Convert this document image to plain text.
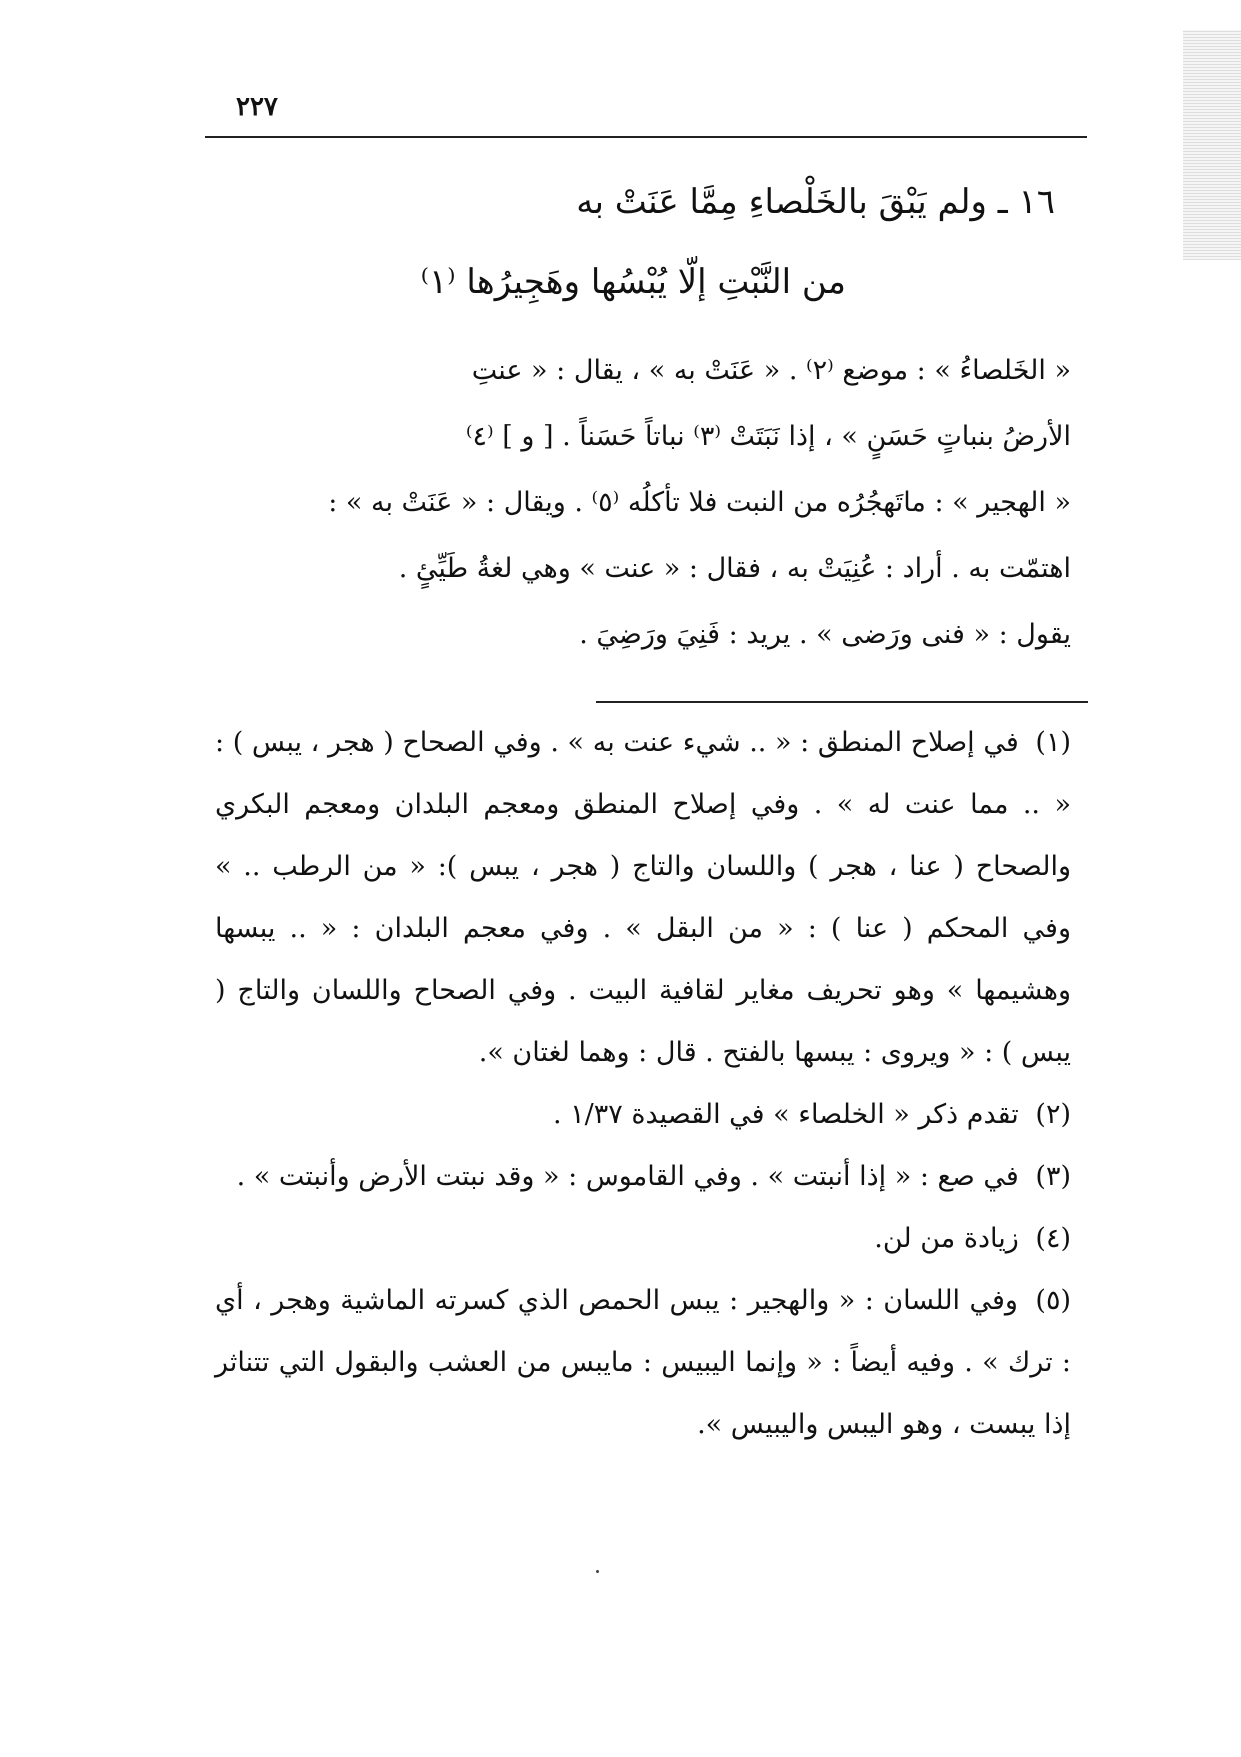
٢٢٧
١٦ ـ ولم يَبْقَ بالخَلْصاءِ مِمَّا عَنَتْ به
من النَّبْتِ إلّا يُبْسُها وهَجِيرُها ⁽١⁾

« الخَلصاءُ » : موضع ⁽٢⁾ . « عَنَتْ به » ، يقال : « عنتِ

الأرضُ بنباتٍ حَسَنٍ » ، إذا نَبَتَتْ ⁽٣⁾ نباتاً حَسَناً . [ و ] ⁽٤⁾

« الهجير » : ماتَهجُرُه من النبت فلا تأكلُه ⁽٥⁾ . ويقال : « عَنَتْ به » :

اهتمّت به . أراد : عُنِيَتْ به ، فقال : « عنت » وهي لغةُ طَيِّئٍ .

يقول : « فنى ورَضى » . يريد : فَنِيَ ورَضِيَ .

(١) في إصلاح المنطق : « .. شيء عنت به » . وفي الصحاح ( هجر ، يبس ) : « .. مما عنت له » . وفي إصلاح المنطق ومعجم البلدان ومعجم البكري والصحاح ( عنا ، هجر ) واللسان والتاج ( هجر ، يبس ): « من الرطب .. » وفي المحكم ( عنا ) : « من البقل » . وفي معجم البلدان : « .. يبسها وهشيمها » وهو تحريف مغاير لقافية البيت . وفي الصحاح واللسان والتاج ( يبس ) : « ويروى : يبسها بالفتح . قال : وهما لغتان ».

(٢) تقدم ذكر « الخلصاء » في القصيدة ١/٣٧ .

(٣) في صع : « إذا أنبتت » . وفي القاموس : « وقد نبتت الأرض وأنبتت » .

(٤) زيادة من لن.

(٥) وفي اللسان : « والهجير : يبس الحمص الذي كسرته الماشية وهجر ، أي : ترك » . وفيه أيضاً : « وإنما اليبيس : مايبس من العشب والبقول التي تتناثر إذا يبست ، وهو اليبس واليبيس ».
